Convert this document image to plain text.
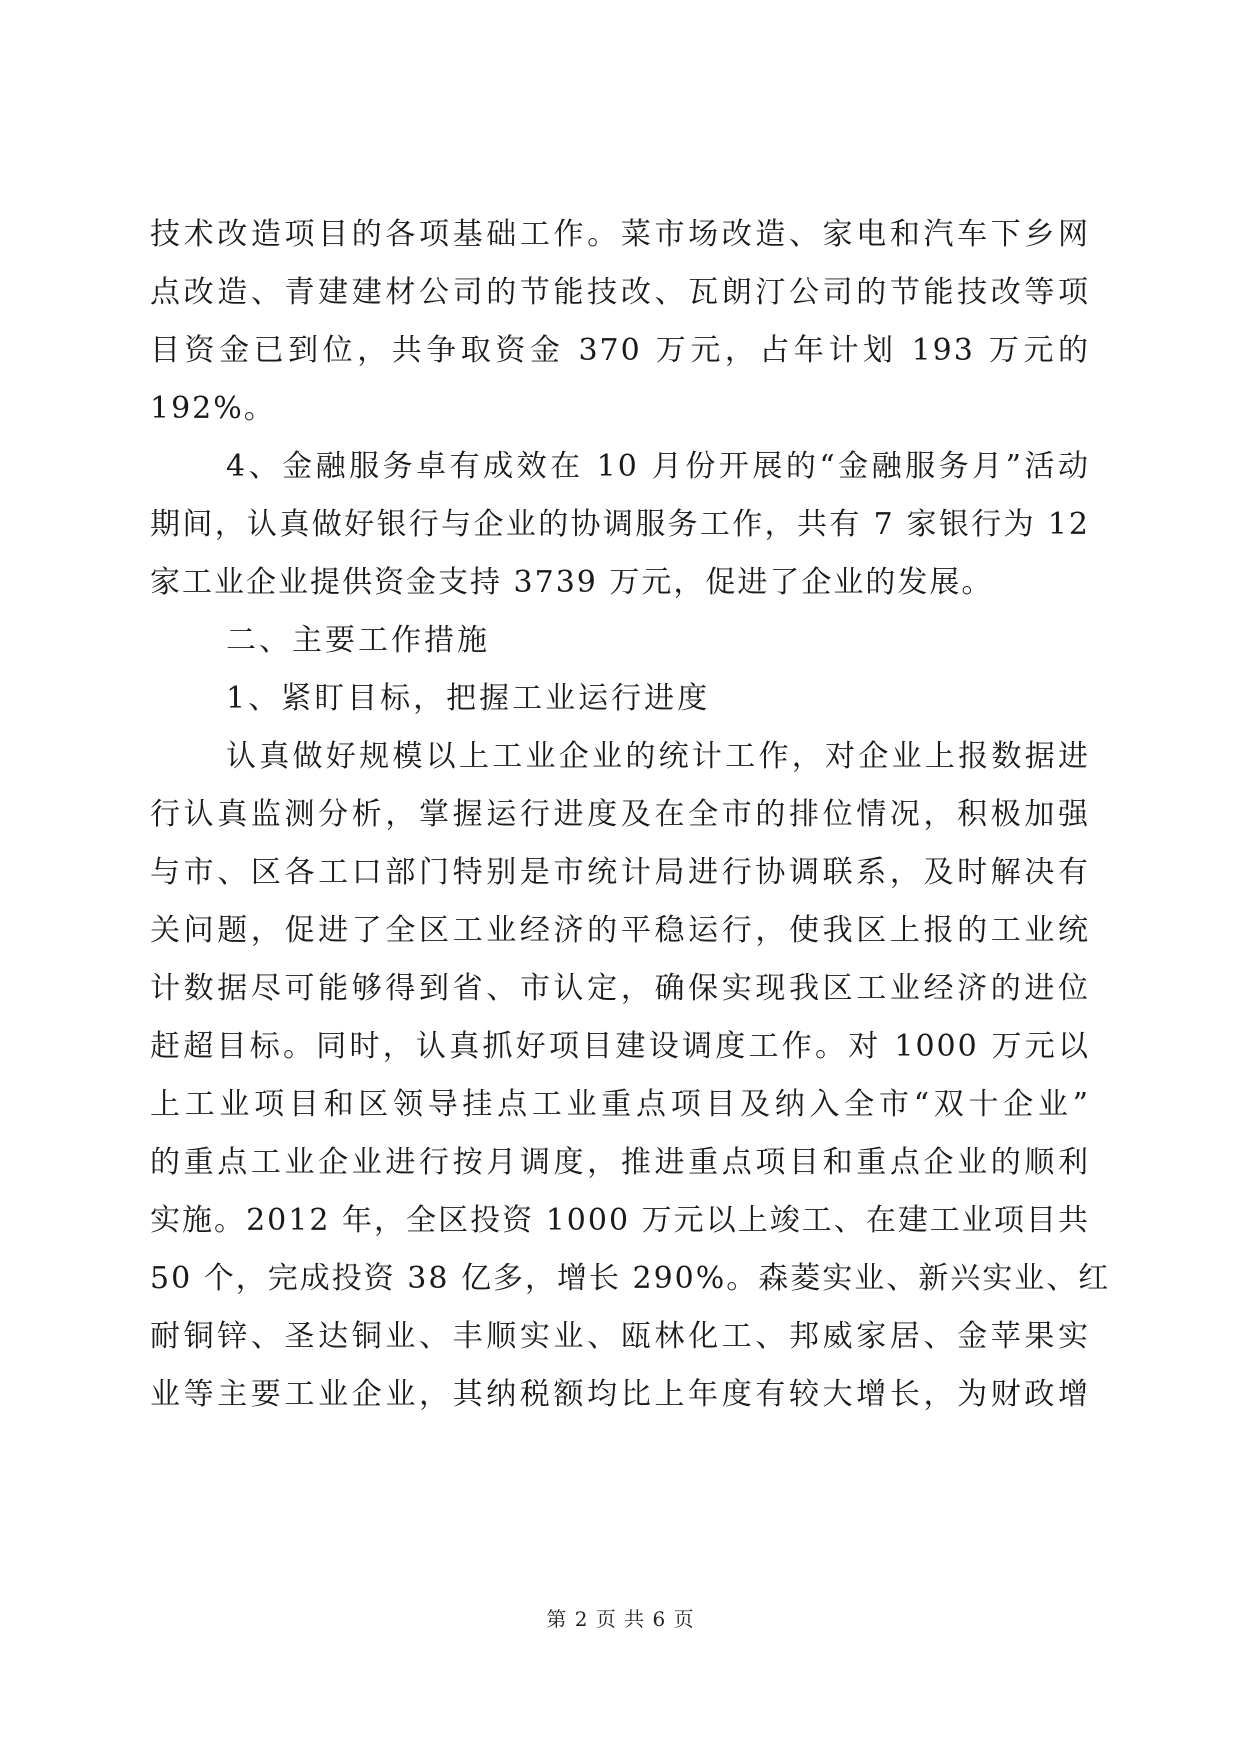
技术改造项目的各项基础工作。菜市场改造、家电和汽车下乡网
点改造、青建建材公司的节能技改、瓦朗汀公司的节能技改等项
目资金已到位，共争取资金 370 万元，占年计划 193 万元的
192%。
4、金融服务卓有成效在 10 月份开展的“金融服务月”活动
期间，认真做好银行与企业的协调服务工作，共有 7 家银行为 12
家工业企业提供资金支持 3739 万元，促进了企业的发展。
二、主要工作措施
1、紧盯目标，把握工业运行进度
认真做好规模以上工业企业的统计工作，对企业上报数据进
行认真监测分析，掌握运行进度及在全市的排位情况，积极加强
与市、区各工口部门特别是市统计局进行协调联系，及时解决有
关问题，促进了全区工业经济的平稳运行，使我区上报的工业统
计数据尽可能够得到省、市认定，确保实现我区工业经济的进位
赶超目标。同时，认真抓好项目建设调度工作。对 1000 万元以
上工业项目和区领导挂点工业重点项目及纳入全市“双十企业”
的重点工业企业进行按月调度，推进重点项目和重点企业的顺利
实施。2012 年，全区投资 1000 万元以上竣工、在建工业项目共
50 个，完成投资 38 亿多，增长 290%。森菱实业、新兴实业、红
耐铜锌、圣达铜业、丰顺实业、瓯林化工、邦威家居、金苹果实
业等主要工业企业，其纳税额均比上年度有较大增长，为财政增
第 2 页 共 6 页
